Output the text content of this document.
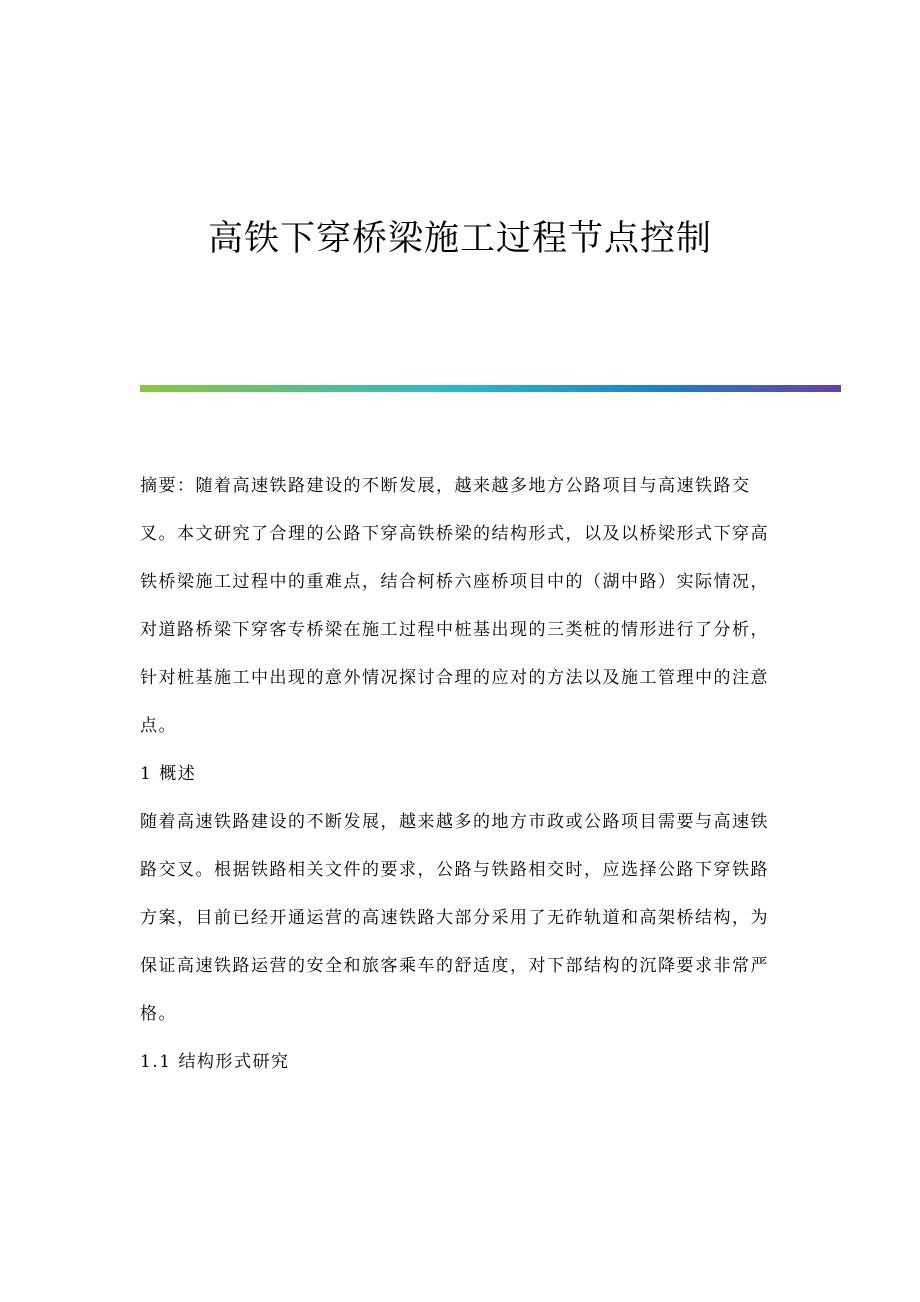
高铁下穿桥梁施工过程节点控制

摘要：随着高速铁路建设的不断发展，越来越多地方公路项目与高速铁路交
叉。本文研究了合理的公路下穿高铁桥梁的结构形式，以及以桥梁形式下穿高
铁桥梁施工过程中的重难点，结合柯桥六座桥项目中的（湖中路）实际情况，
对道路桥梁下穿客专桥梁在施工过程中桩基出现的三类桩的情形进行了分析，
针对桩基施工中出现的意外情况探讨合理的应对的方法以及施工管理中的注意
点。

1 概述

随着高速铁路建设的不断发展，越来越多的地方市政或公路项目需要与高速铁
路交叉。根据铁路相关文件的要求，公路与铁路相交时，应选择公路下穿铁路
方案，目前已经开通运营的高速铁路大部分采用了无砟轨道和高架桥结构，为
保证高速铁路运营的安全和旅客乘车的舒适度，对下部结构的沉降要求非常严
格。

1.1 结构形式研究
